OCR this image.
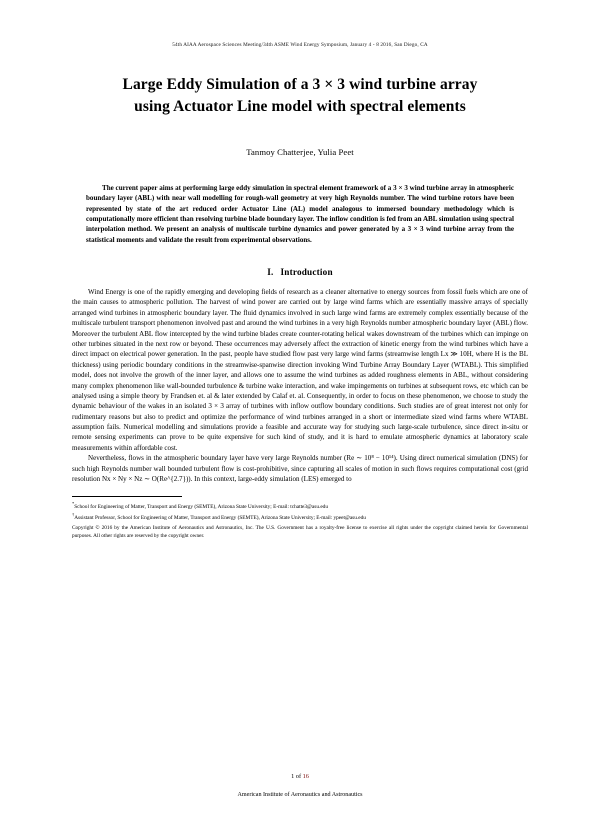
54th AIAA Aerospace Sciences Meeting/34th ASME Wind Energy Symposium, January 4 - 8 2016, San Diego, CA
Large Eddy Simulation of a 3 × 3 wind turbine array
using Actuator Line model with spectral elements
Tanmoy Chatterjee, Yulia Peet
The current paper aims at performing large eddy simulation in spectral element framework of a 3 × 3 wind turbine array in atmospheric boundary layer (ABL) with near wall modelling for rough-wall geometry at very high Reynolds number. The wind turbine rotors have been represented by state of the art reduced order Actuator Line (AL) model analogous to immersed boundary methodology which is computationally more efficient than resolving turbine blade boundary layer. The inflow condition is fed from an ABL simulation using spectral interpolation method. We present an analysis of multiscale turbine dynamics and power generated by a 3 × 3 wind turbine array from the statistical moments and validate the result from experimental observations.
I. Introduction

Wind Energy is one of the rapidly emerging and developing fields of research as a cleaner alternative to energy sources from fossil fuels which are one of the main causes to atmospheric pollution. The harvest of wind power are carried out by large wind farms which are essentially massive arrays of specially arranged wind turbines in atmospheric boundary layer. The fluid dynamics involved in such large wind farms are extremely complex essentially because of the multiscale turbulent transport phenomenon involved past and around the wind turbines in a very high Reynolds number atmospheric boundary layer (ABL) flow. Moreover the turbulent ABL flow intercepted by the wind turbine blades create counter-rotating helical wakes downstream of the turbines which can impinge on other turbines situated in the next row or beyond. These occurrences may adversely affect the extraction of kinetic energy from the wind turbines which have a direct impact on electrical power generation. In the past, people have studied flow past very large wind farms (streamwise length Lx ≫ 10H, where H is the BL thickness) using periodic boundary conditions in the streamwise-spanwise direction invoking Wind Turbine Array Boundary Layer (WTABL). This simplified model, does not involve the growth of the inner layer, and allows one to assume the wind turbines as added roughness elements in ABL, without considering many complex phenomenon like wall-bounded turbulence & turbine wake interaction, and wake impingements on turbines at subsequent rows, etc which can be analysed using a simple theory by Frandsen et. al & later extended by Calaf et. al. Consequently, in order to focus on these phenomenon, we choose to study the dynamic behaviour of the wakes in an isolated 3 × 3 array of turbines with inflow outflow boundary conditions. Such studies are of great interest not only for rudimentary reasons but also to predict and optimize the performance of wind turbines arranged in a short or intermediate sized wind farms where WTABL assumption fails. Numerical modelling and simulations provide a feasible and accurate way for studying such large-scale turbulence, since direct in-situ or remote sensing experiments can prove to be quite expensive for such kind of study, and it is hard to emulate atmospheric dynamics at laboratory scale measurements within affordable cost.

Nevertheless, flows in the atmospheric boundary layer have very large Reynolds number (Re ∼ 10⁸ − 10¹⁴). Using direct numerical simulation (DNS) for such high Reynolds number wall bounded turbulent flow is cost-prohibitive, since capturing all scales of motion in such flows requires computational cost (grid resolution Nx × Ny × Nz ∼ O(Re^{2.7})). In this context, large-eddy simulation (LES) emerged to

*School for Engineering of Matter, Transport and Energy (SEMTE), Arizona State University; E-mail: tchatte3@asu.edu

†Assistant Professor, School for Engineering of Matter, Transport and Energy (SEMTE), Arizona State University; E-mail: ypeet@asu.edu

Copyright © 2016 by the American Institute of Aeronautics and Astronautics, Inc. The U.S. Government has a royalty-free license to exercise all rights under the copyright claimed herein for Governmental purposes. All other rights are reserved by the copyright owner.
1 of 16
American Institute of Aeronautics and Astronautics
